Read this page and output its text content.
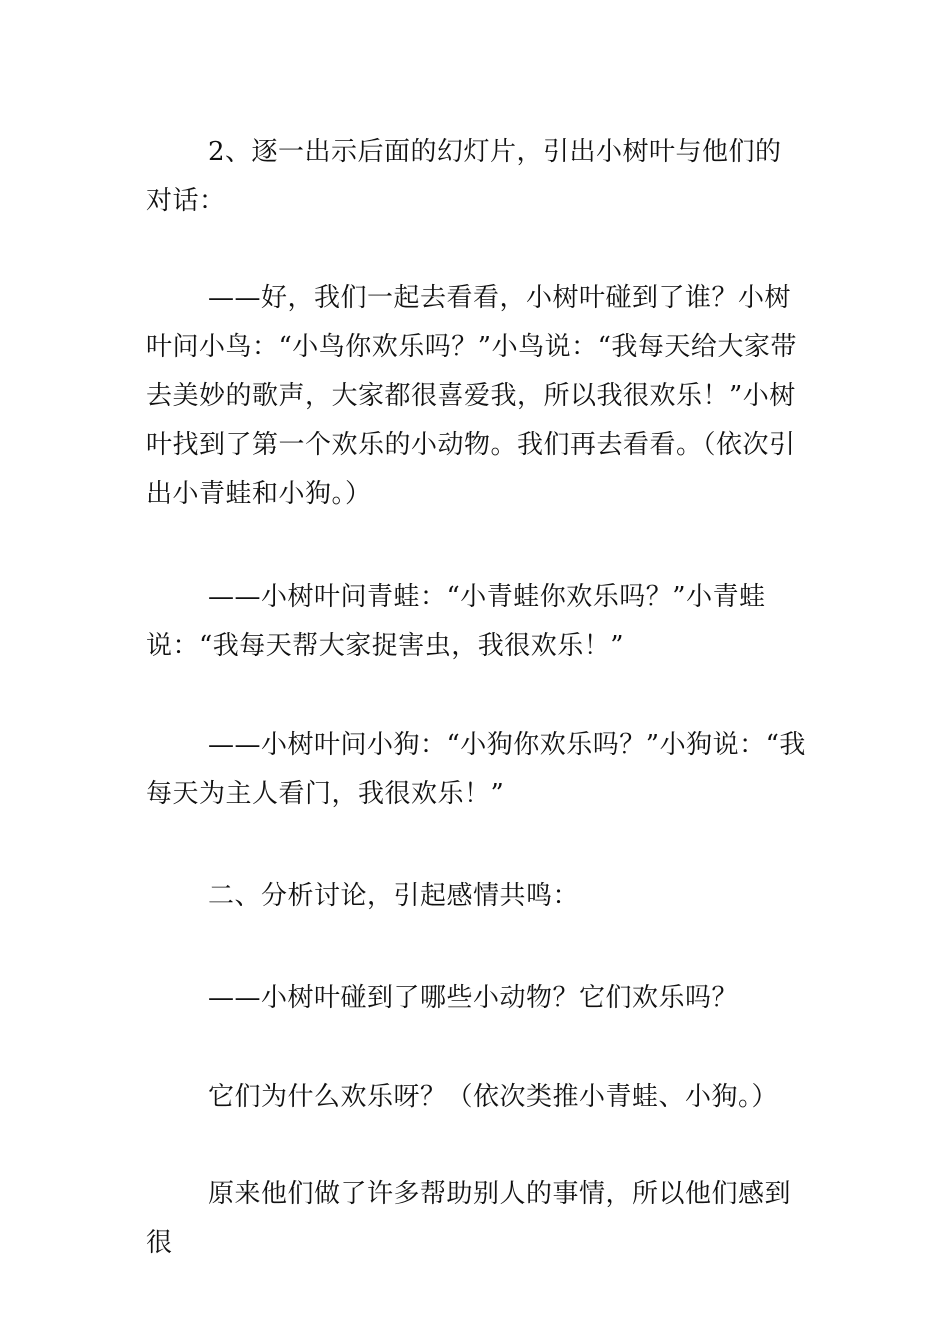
2、逐一出示后面的幻灯片，引出小树叶与他们的对话：

——好，我们一起去看看，小树叶碰到了谁？小树叶问小鸟：“小鸟你欢乐吗？”小鸟说：“我每天给大家带去美妙的歌声，大家都很喜爱我，所以我很欢乐！”小树叶找到了第一个欢乐的小动物。我们再去看看。（依次引出小青蛙和小狗。）

——小树叶问青蛙：“小青蛙你欢乐吗？”小青蛙说：“我每天帮大家捉害虫，我很欢乐！”

——小树叶问小狗：“小狗你欢乐吗？”小狗说：“我每天为主人看门，我很欢乐！”

二、分析讨论，引起感情共鸣：

——小树叶碰到了哪些小动物？它们欢乐吗？

它们为什么欢乐呀？（依次类推小青蛙、小狗。）

原来他们做了许多帮助别人的事情，所以他们感到很
